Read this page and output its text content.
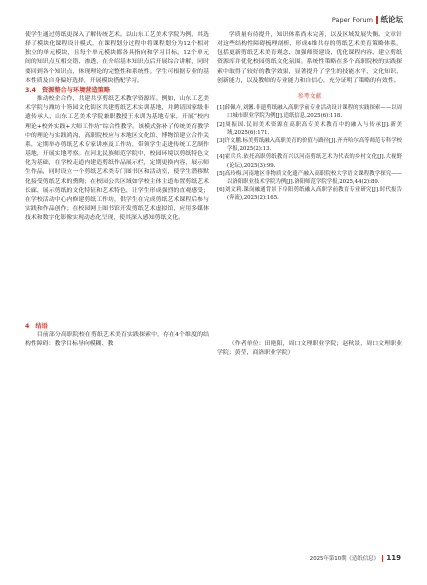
Paper Forum 纸论坛

使学生通过剪纸更深入了解传统艺术。以山东工艺美术学院为例，其选择了模块化课程设计模式，在课程划分过程中将课程划分为12个相对独立的单元模块，且每个单元模块都各具指向和学习目标。12个单元间的知识点互相交错、渗透，在介绍基本知识点后开展综合讲解，同时要回到各个知识点，体现理论的完整性和系统性。学生可根据专业的基本性质及自身偏好选择，开展模块搭配学习。

3.4 资源整合与环境营造策略

推动校企合作、共建共享剪纸艺术教学资源库。例如，山东工艺美术学院与潍坊十笏园文化街区共建剪纸艺术实训基地，并聘请国家级非遗传承人、山东工艺美术学院兼职教授王永训为基地专家，开展“校内理论+校外实践+大师工作坊”综合性教学。该模式弥补了传统美育教学中的理论与实践鸿沟，高职院校应与本地区文化馆、博物馆建立合作关系，定期举办剪纸艺术专家讲座及工作坊，带领学生走进传统工艺制作基地，开展实地考察。在河北民族师范学院中，校园环境以剪纸特色文化为基础，在学校走道内建造剪纸作品展示栏，定期更换内容，展示师生作品，同时设立一个剪纸艺术类专门图书区和活动室，使学生潜移默化接受剪纸艺术的熏陶；在校园公共区域如学校主体主道布置剪纸艺术长廊，展示剪纸的文化特征和艺术特色，让学生形成强烈的直观感受；在学校活动中心内修建剪纸工作坊，供学生在完成剪纸艺术课程后参与实践和作品创作；在校园网上图书馆开发剪纸艺术虚拟馆，应用多媒体技术和数字化影像实现动态化呈现，使其深入感知剪纸文化。

学质量有待提升，知识体系尚未完善，以及区域发展失衡。文章针对这些结构性障碍梳理剖析，形成4维共存的剪纸艺术美育策略体系，包括更新剪纸艺术美育观念、加强师资建设、优化课程内容、建立剪纸资源库并优化校园剪纸文化氛围。系统性策略在多个高职院校的实践探索中取得了较好的教学效果，显著提升了学生的技能水平、文化知识、创新能力，以及教师的专业能力和自信心，充分证明了策略的有效性。

参考文献
[1]薛佩卉,刘馨.非遗剪纸融入高职学前专业活动设计课程的实践探索——以周口城市职业学院为例[J].造纸信息,2025(6):118.
[2]周振国.民间美术资源在高职高专美术教育中的融入与传承[J].新美域,2025(6):171.
[3]许文鹏.标美剪纸融入高职美育的价值与路径[J].齐齐哈尔高等师范专科学校学报,2025(2):13.
[4]霍兵兵.依托高职剪纸教育兴以河南剪纸艺术为代表的乡村文化[J].大视野(论坛),2025(3):99.
[5]高玲梅.河南地区非物质文化遗产融入高职院校大学语文课程教学探究——以洛阳职业技术学院为例[J].洛阳师范学院学报,2025,44(2):89.
[6]刘文莉.课岗融通背景下阜阳剪纸融入高职学前教育专业研究[J].时代报告(奔流),2025(2):165.

4 结语

目前部分高职院校在剪纸艺术美育实践探索中，存在4个维度的结构性障碍：教学目标导向模糊、教	（作者单位：田艳阳，周口文理职业学院；赵秋景，周口文理职业学院；黄莹，商洛职业学院）

2025年第10期《造纸信息》 119
